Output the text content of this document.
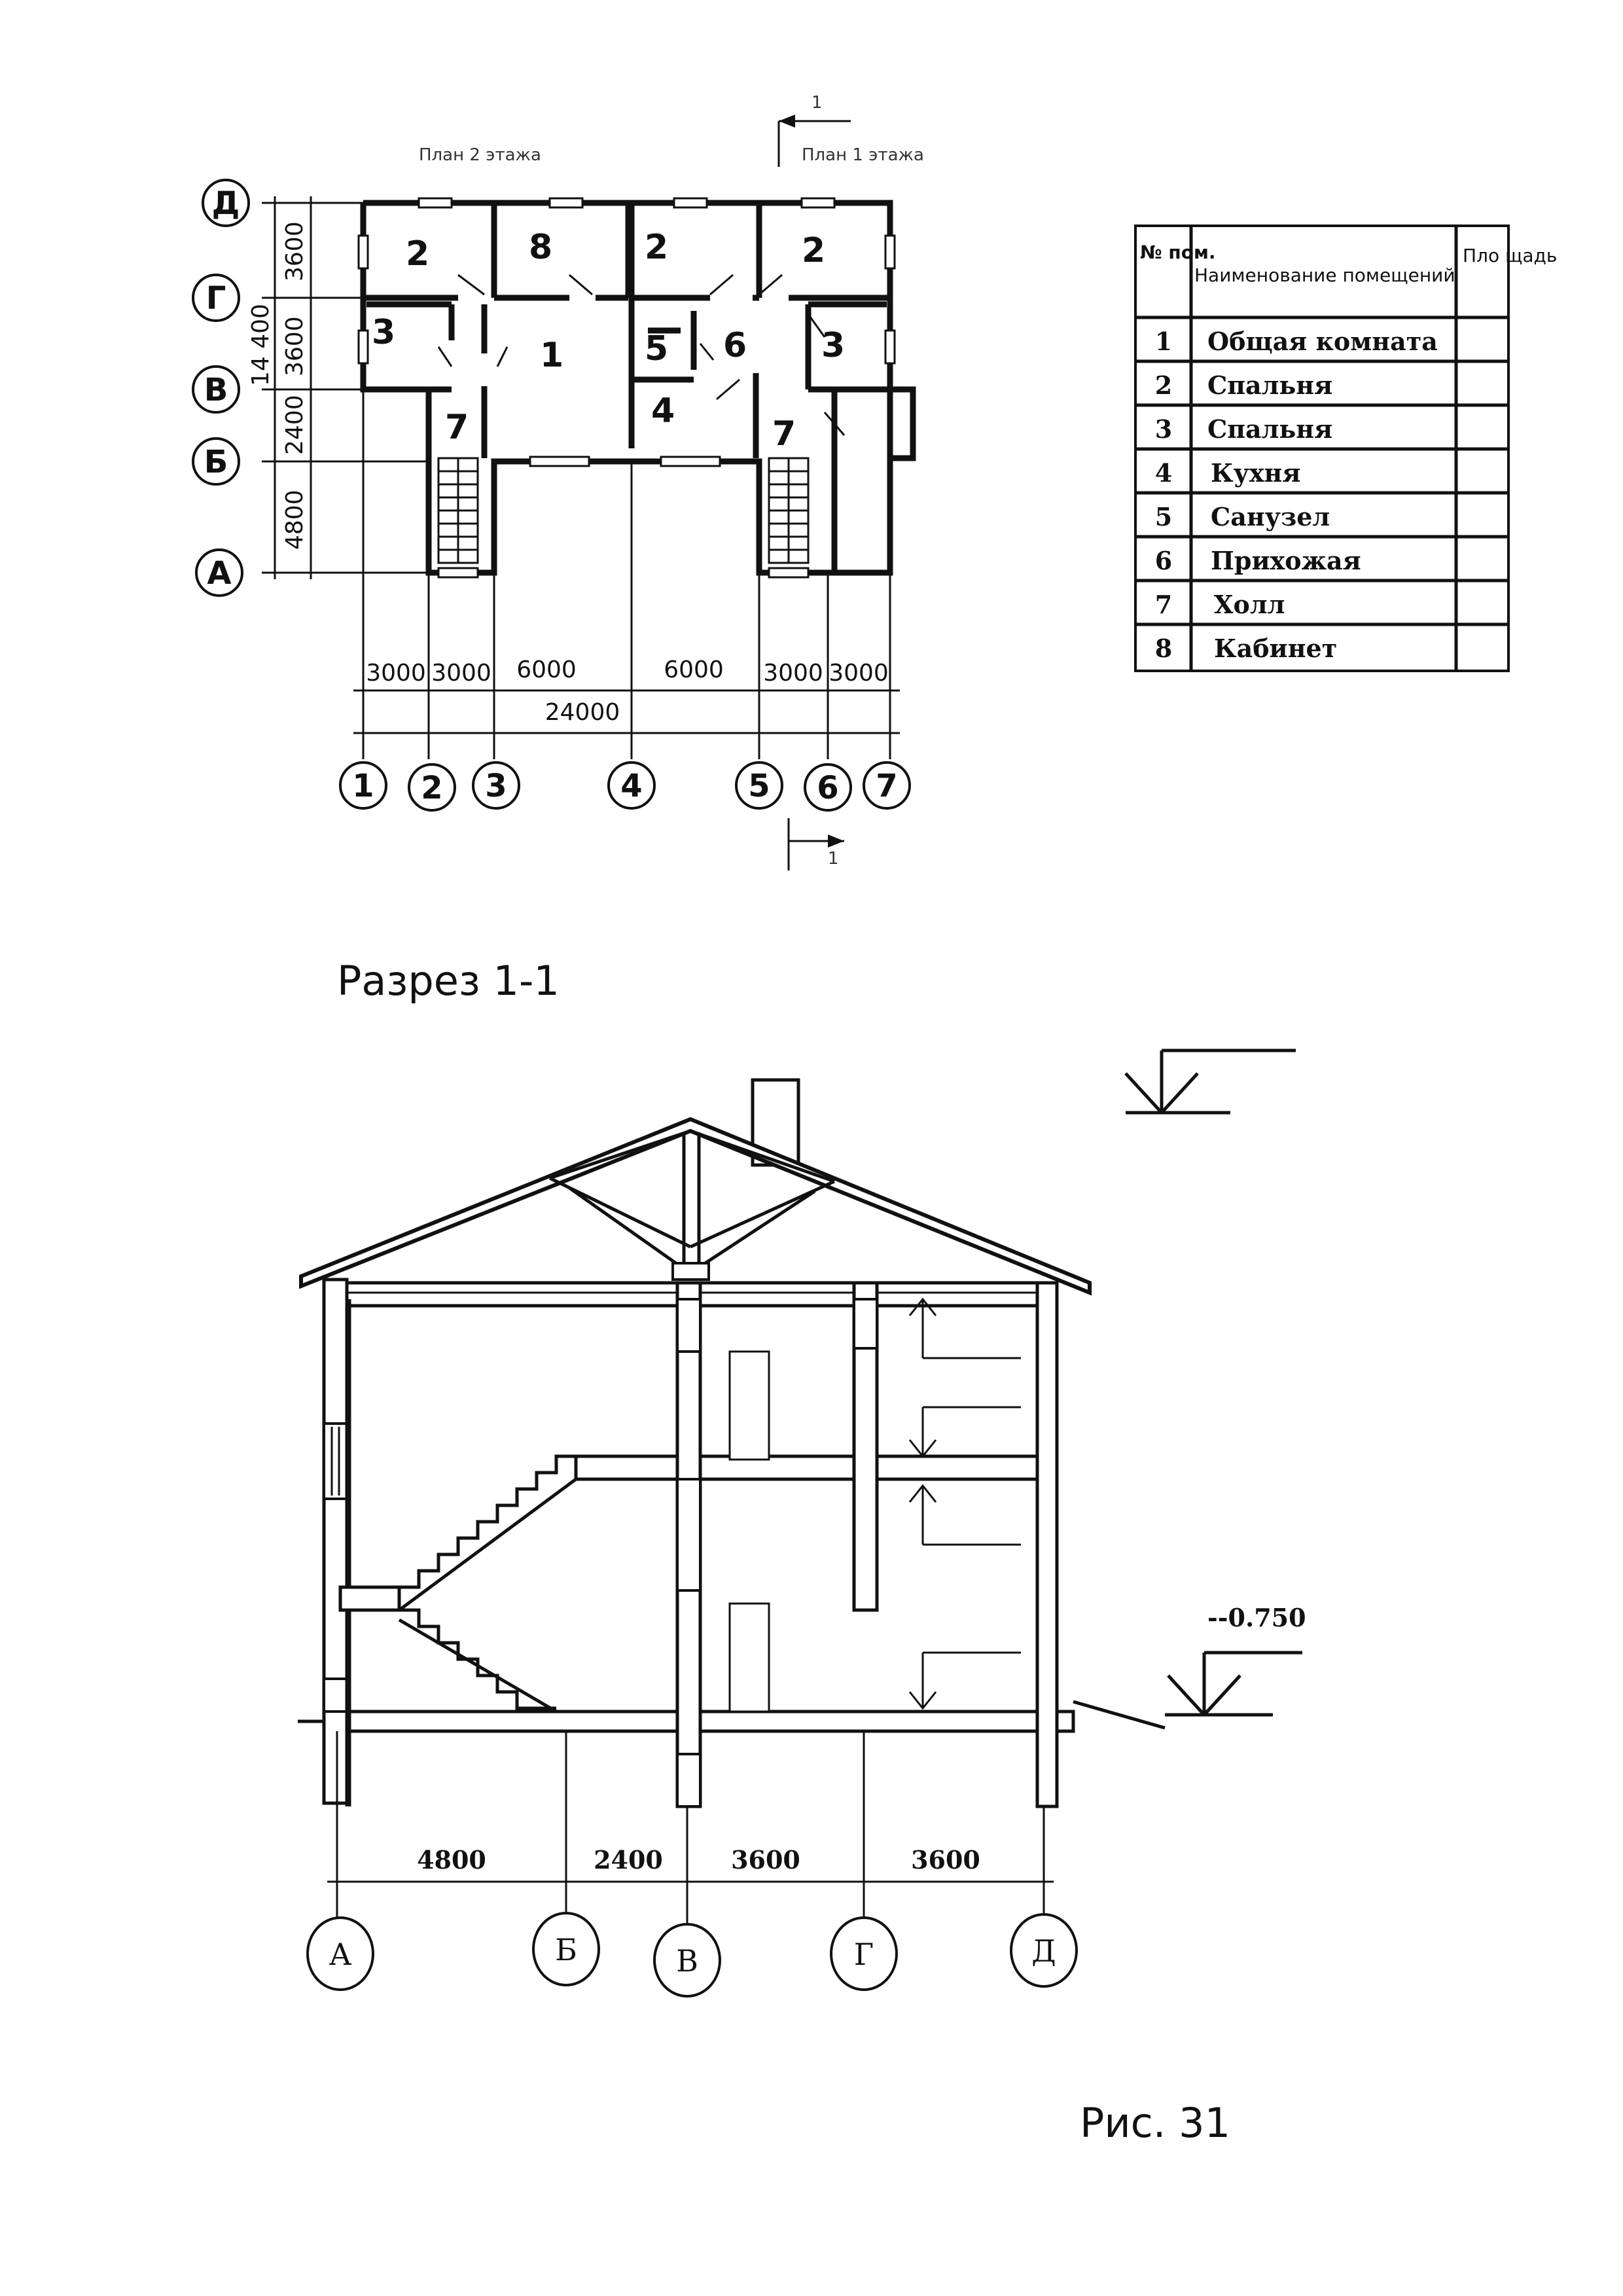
План 2 этажа	План 1 этажа
1
2	8	2	2
3
1 5 6 3
4
7	7
Д
Г
В
Б
А
3600
3600
2400
4800
14 400
1 2 3	4	5 6 7
3000 3000 6000	6000 3000 3000
24000
1
№ пом.
Наименование помещений
Пло щадь
1 Общая комната
2 Спальня
3 Спальня
4 Кухня
5 Санузел
6 Прихожая
7 Холл
8 Кабинет
Разрез 1-1
--0.750
4800	2400	3600	3600
А	Б	В	Г	Д
Рис. 31
